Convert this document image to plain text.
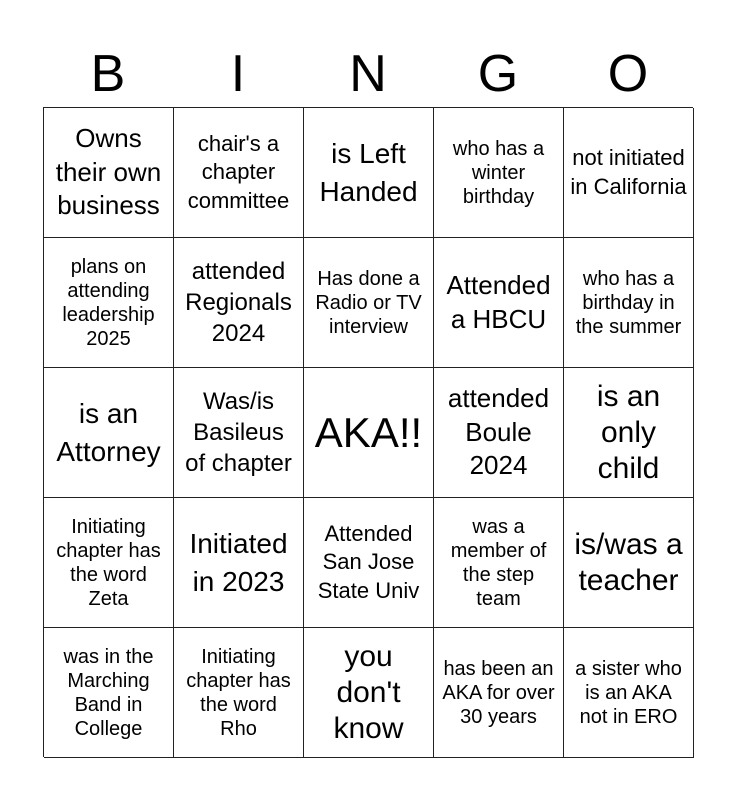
B	I	N	G	O
Owns their own business
chair's a chapter committee
is Left Handed
who has a winter birthday
not initiated in California
plans on attending leadership 2025
attended Regionals 2024
Has done a Radio or TV interview
Attended a HBCU
who has a birthday in the summer
is an Attorney
Was/is Basileus of chapter
AKA!!
attended Boule 2024
is an only child
Initiating chapter has the word Zeta
Initiated in 2023
Attended San Jose State Univ
was a member of the step team
is/was a teacher
was in the Marching Band in College
Initiating chapter has the word Rho
you don't know
has been an AKA for over 30 years
a sister who is an AKA not in ERO
